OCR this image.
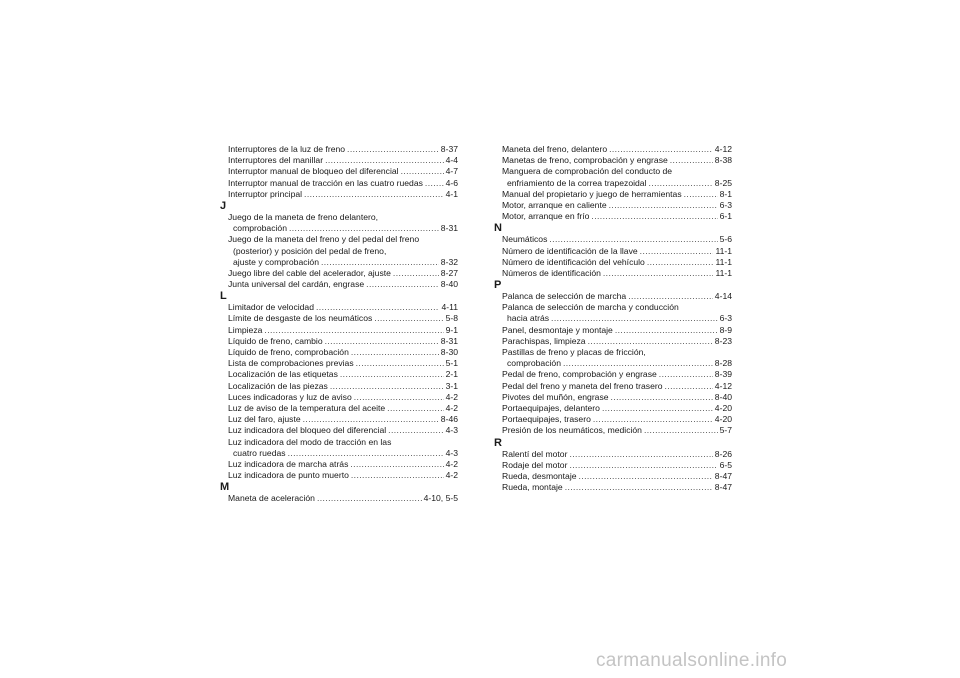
Interruptores de la luz de freno .....	8-37
Interruptores del manillar .....	4-4
Interruptor manual de bloqueo del diferencial .....	4-7
Interruptor manual de tracción en las cuatro ruedas .....	4-6
Interruptor principal .....	4-1
J
Juego de la maneta de freno delantero,
comprobación .....	8-31
Juego de la maneta del freno y del pedal del freno
(posterior) y posición del pedal de freno,
ajuste y comprobación .....	8-32
Juego libre del cable del acelerador, ajuste .....	8-27
Junta universal del cardán, engrase .....	8-40
L
Limitador de velocidad .....	4-11
Límite de desgaste de los neumáticos .....	5-8
Limpieza .....	9-1
Líquido de freno, cambio .....	8-31
Líquido de freno, comprobación .....	8-30
Lista de comprobaciones previas .....	5-1
Localización de las etiquetas .....	2-1
Localización de las piezas .....	3-1
Luces indicadoras y luz de aviso .....	4-2
Luz de aviso de la temperatura del aceite .....	4-2
Luz del faro, ajuste .....	8-46
Luz indicadora del bloqueo del diferencial .....	4-3
Luz indicadora del modo de tracción en las
cuatro ruedas .....	4-3
Luz indicadora de marcha atrás .....	4-2
Luz indicadora de punto muerto .....	4-2
M
Maneta de aceleración .....	4-10, 5-5
Maneta del freno, delantero .....	4-12
Manetas de freno, comprobación y engrase .....	8-38
Manguera de comprobación del conducto de
enfriamiento de la correa trapezoidal .....	8-25
Manual del propietario y juego de herramientas .....	8-1
Motor, arranque en caliente .....	6-3
Motor, arranque en frío .....	6-1
N
Neumáticos .....	5-6
Número de identificación de la llave .....	11-1
Número de identificación del vehículo .....	11-1
Números de identificación .....	11-1
P
Palanca de selección de marcha .....	4-14
Palanca de selección de marcha y conducción
hacia atrás .....	6-3
Panel, desmontaje y montaje .....	8-9
Parachispas, limpieza .....	8-23
Pastillas de freno y placas de fricción,
comprobación .....	8-28
Pedal de freno, comprobación y engrase .....	8-39
Pedal del freno y maneta del freno trasero .....	4-12
Pivotes del muñón, engrase .....	8-40
Portaequipajes, delantero .....	4-20
Portaequipajes, trasero .....	4-20
Presión de los neumáticos, medición .....	5-7
R
Ralentí del motor .....	8-26
Rodaje del motor .....	6-5
Rueda, desmontaje .....	8-47
Rueda, montaje .....	8-47
carmanualsonline.info
